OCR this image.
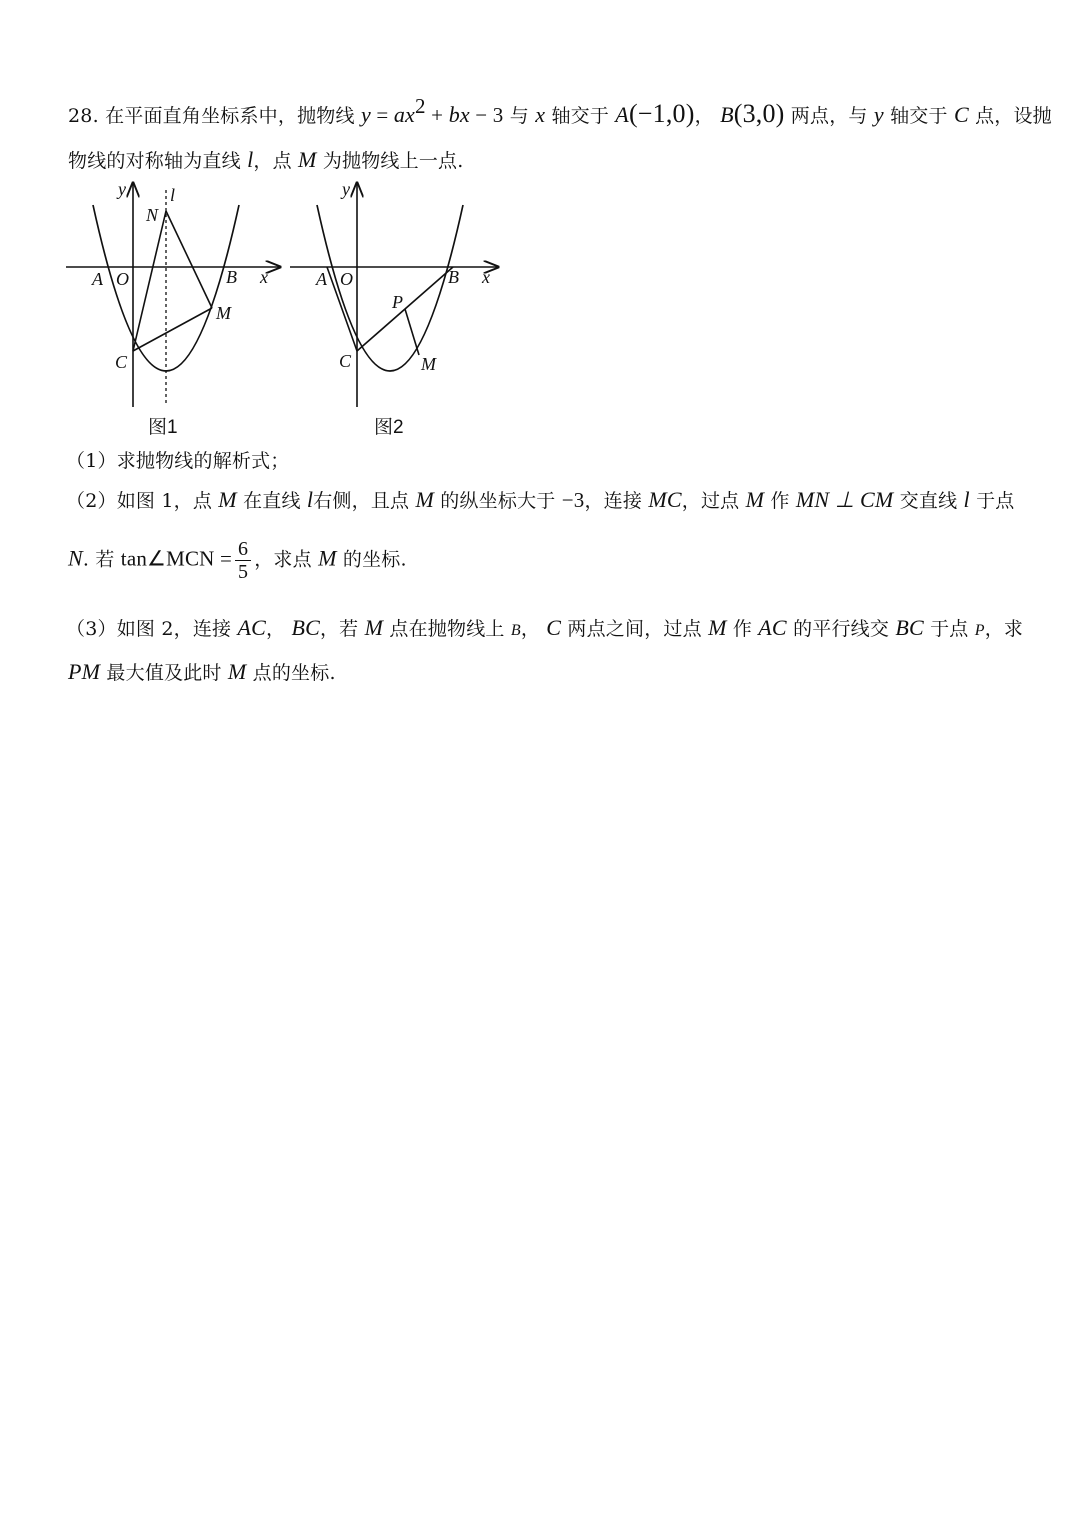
28. 在平面直角坐标系中，抛物线 $y = ax^2$ + bx − 3 与 x 轴交于 A(−1,0)， B(3,0) 两点，与 y 轴交于 C 点，设抛
物线的对称轴为直线 l，点 M 为抛物线上一点.
y l
N
A O	B x
M
C
图1
y
A O	B x
P
C	M
图2
（1）求抛物线的解析式；
（2）如图 1，点 M 在直线 l右侧，且点 M 的纵坐标大于 −3，连接 MC，过点 M 作 MN ⊥ CM 交直线 l 于点
N. 若 tan∠MCN = $\frac{6}{5}$ ，求点 M 的坐标.
（3）如图 2，连接 AC， BC，若 M 点在抛物线上 B， C 两点之间，过点 M 作 AC 的平行线交 BC 于点 P，求
PM 最大值及此时 M 点的坐标.
